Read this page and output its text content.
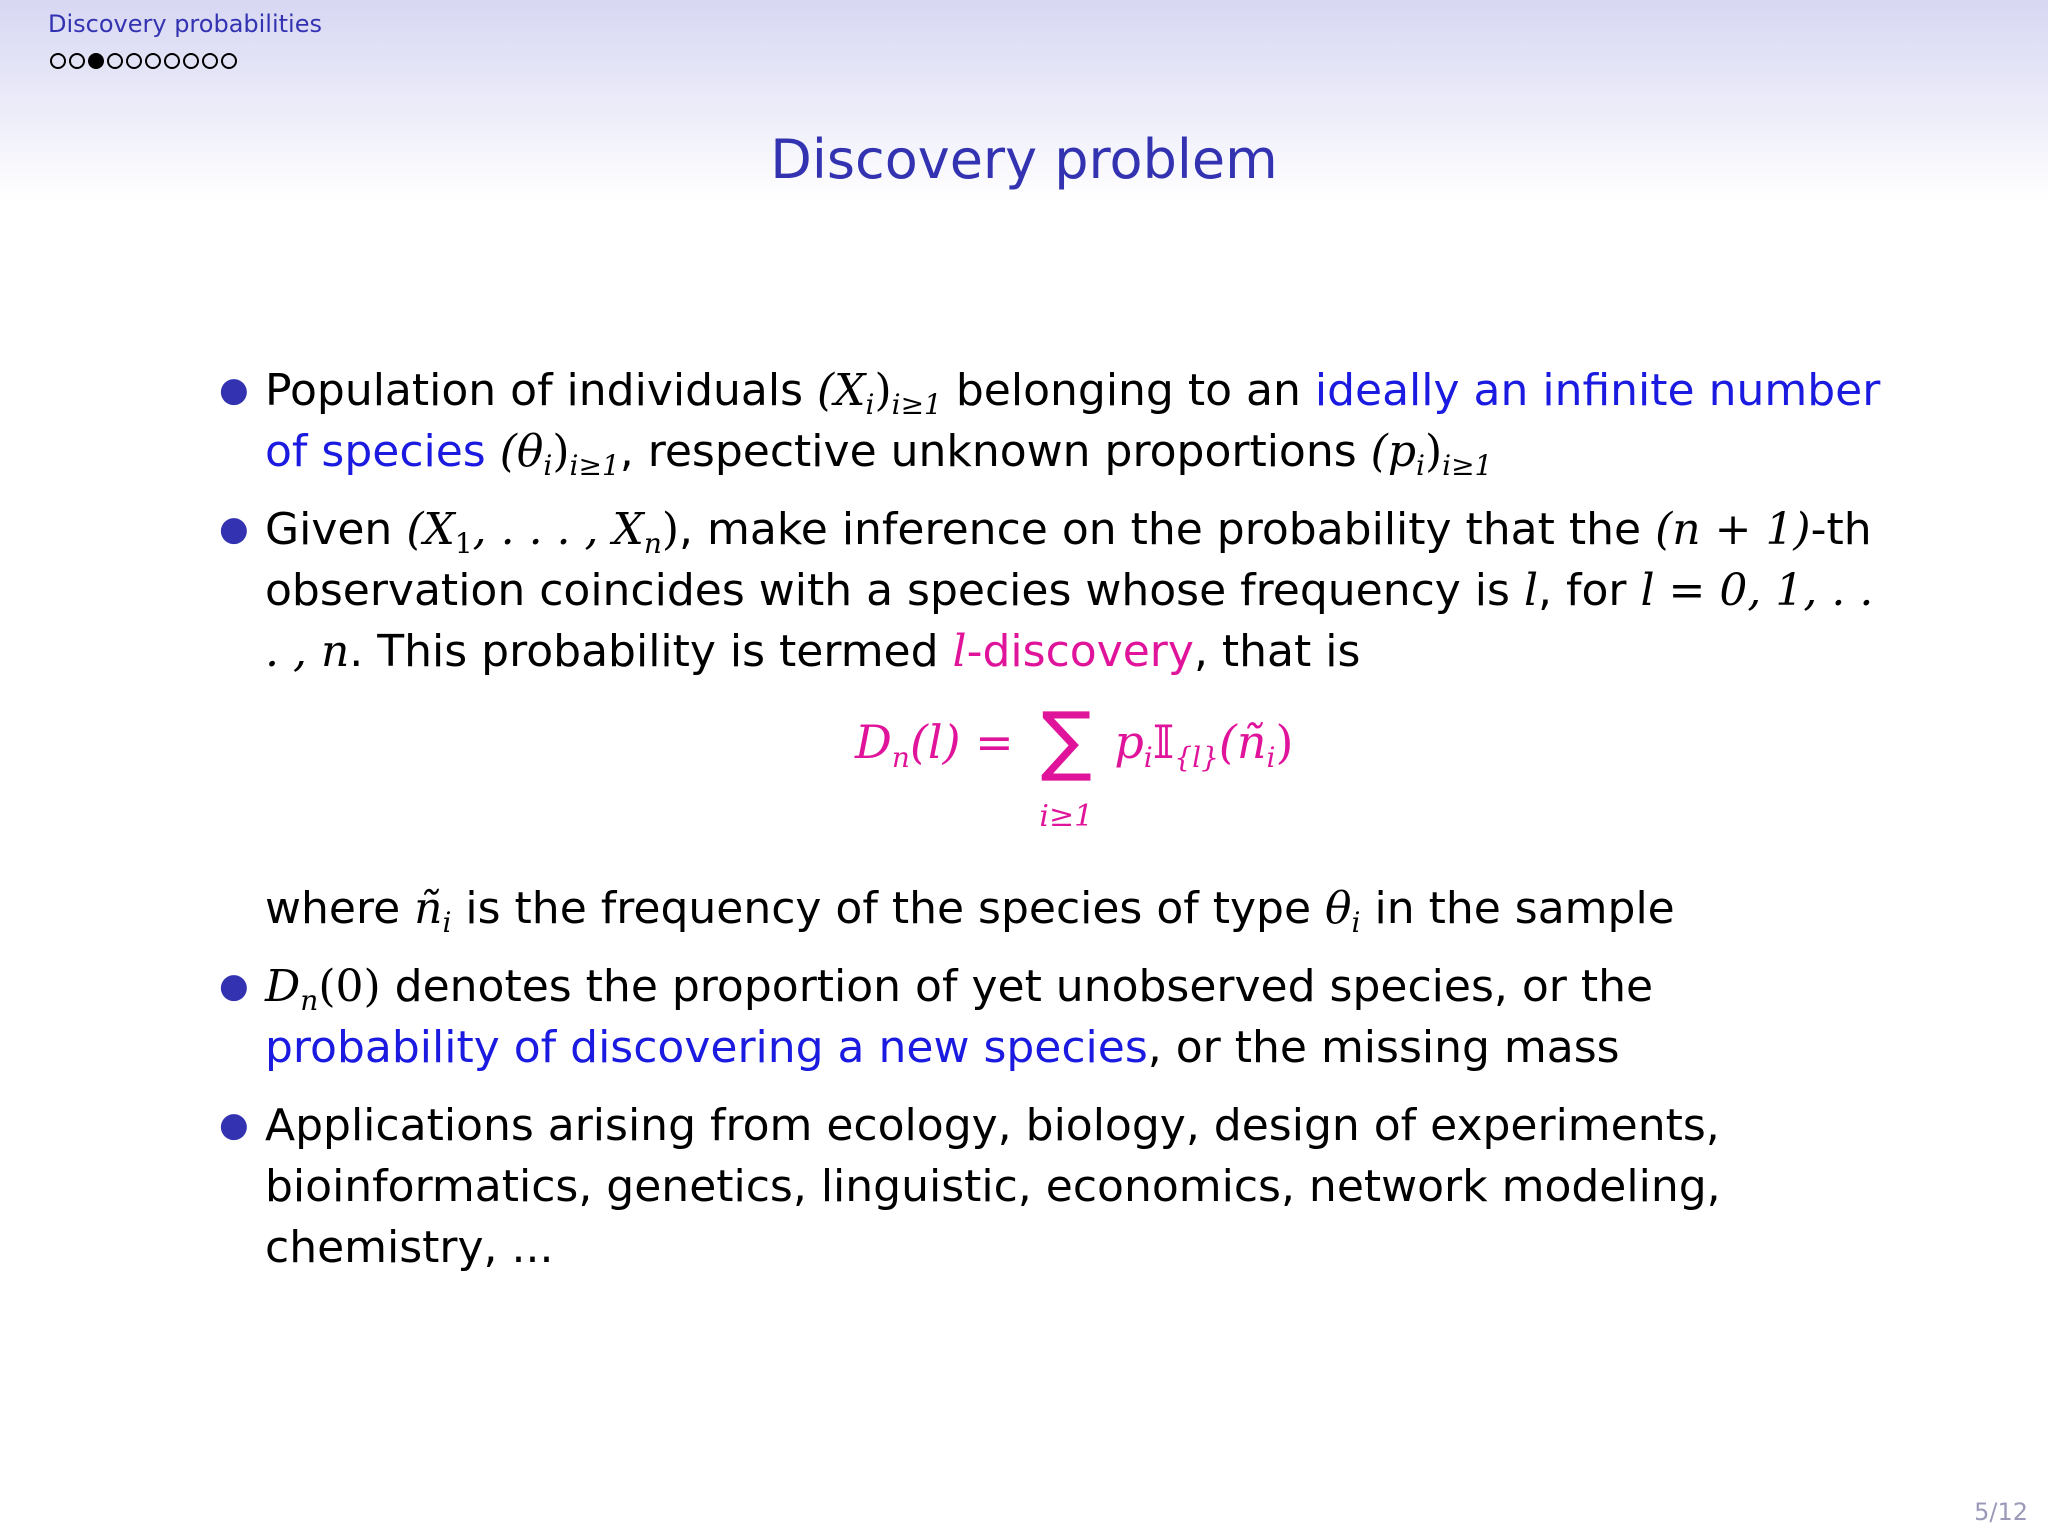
Discovery probabilities
Discovery problem
● Population of individuals $(X_i)_{i\ge 1}$ belonging to an ideally an infinite number of species $(\theta_i)_{i\ge 1}$, respective unknown proportions $(p_i)_{i\ge 1}$
● Given ($X_1$, . . . , $X_n$), make inference on the probability that the (n + 1)-th observation coincides with a species whose frequency is l, for l = 0, 1, . . . , n. This probability is termed l-discovery, that is
$D_n(l)$ = ∑
i≥1
$p_i𝕀_{\{l\}}(ñ_i)$
where $ñ_i$ is the frequency of the species of type $\theta_i$ in the sample
● $D_n(0)$ denotes the proportion of yet unobserved species, or the probability of discovering a new species, or the missing mass
● Applications arising from ecology, biology, design of experiments, bioinformatics, genetics, linguistic, economics, network modeling, chemistry, ...
5/12
